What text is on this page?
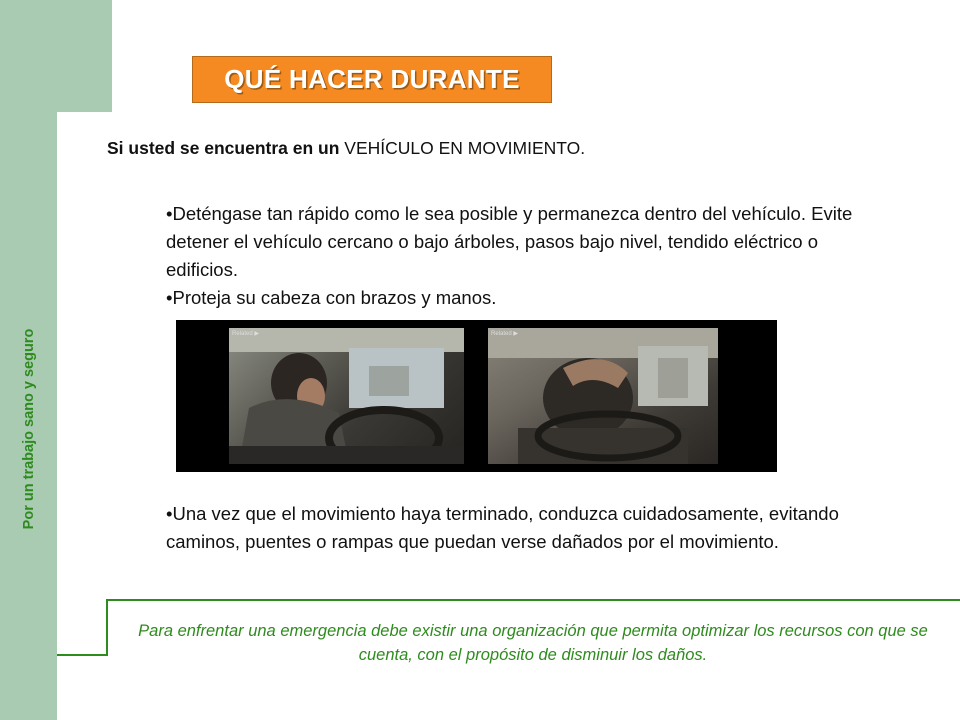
Por un trabajo sano y seguro
QUÉ HACER DURANTE
Si usted se encuentra en un VEHÍCULO EN MOVIMIENTO.

•Deténgase tan rápido como le sea posible y permanezca dentro del vehículo. Evite detener el vehículo cercano o bajo árboles, pasos bajo nivel, tendido eléctrico o edificios.

•Proteja su cabeza con brazos y manos.

Related ▶	Related ▶

•Una vez que el movimiento haya terminado, conduzca cuidadosamente, evitando caminos, puentes o rampas que puedan verse dañados por el movimiento.

Para enfrentar una emergencia debe existir una organización que permita optimizar los recursos con que se cuenta, con el propósito de disminuir los daños.
